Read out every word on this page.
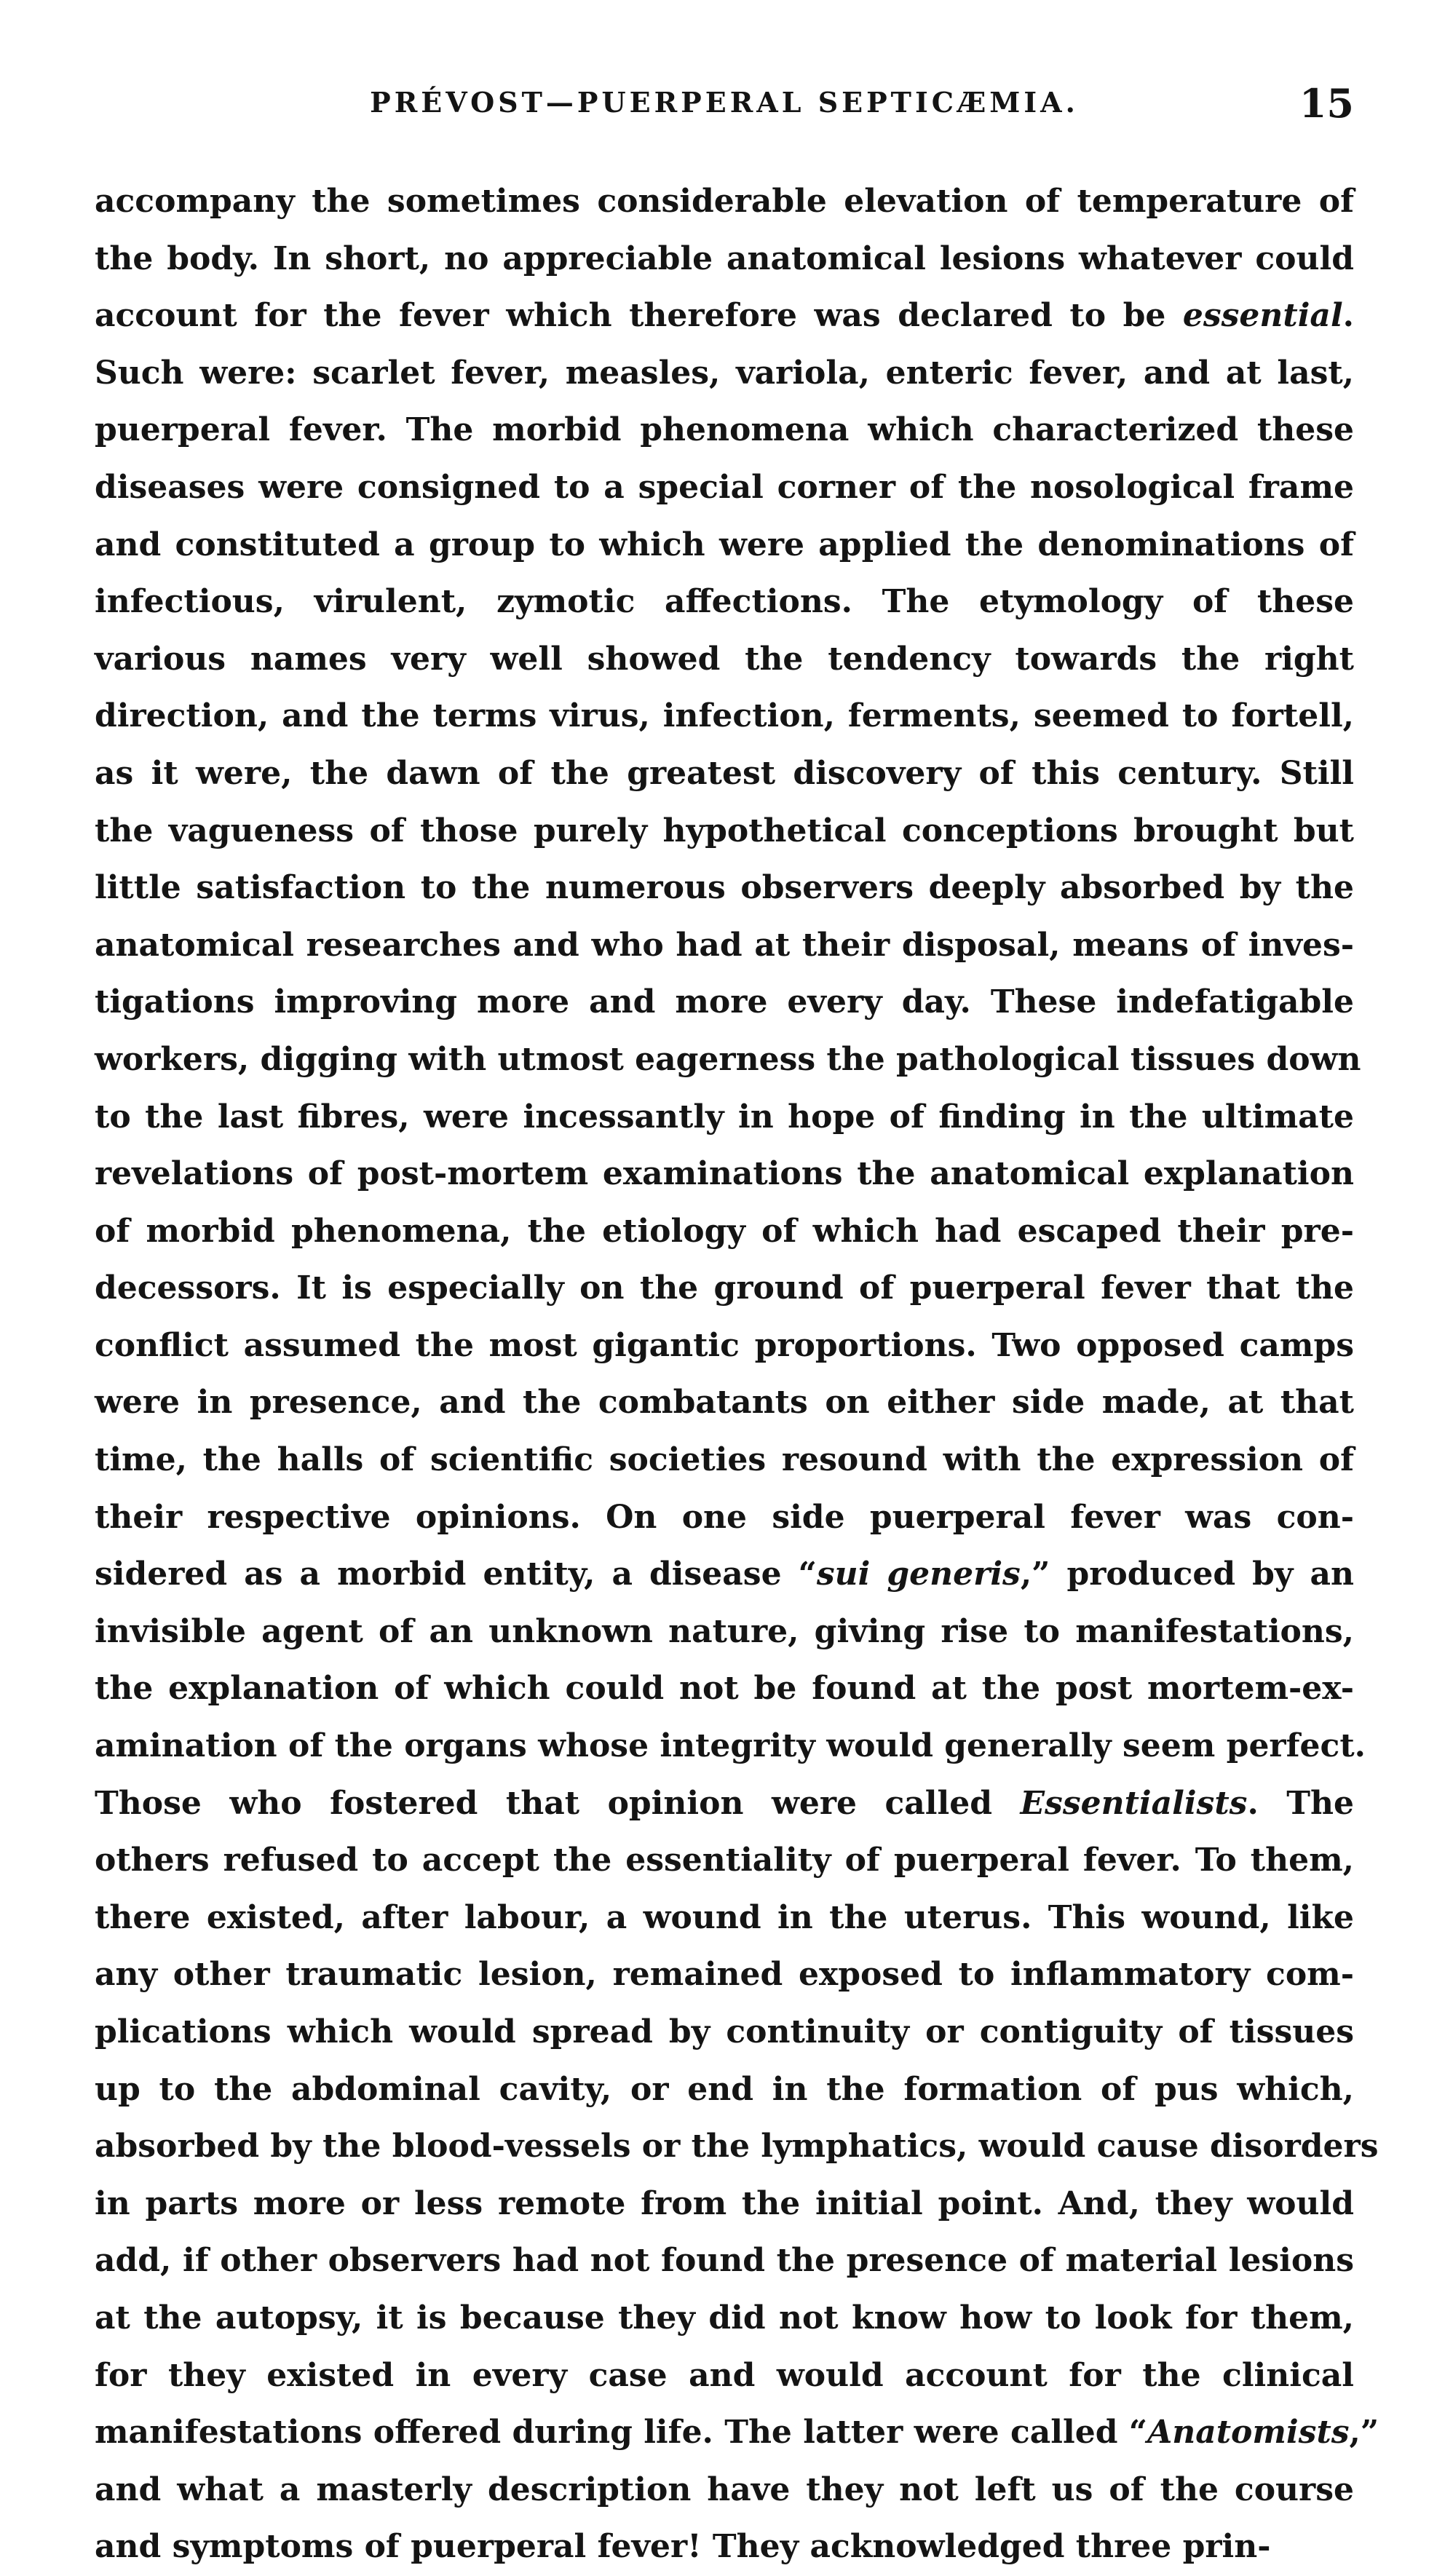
PRÉVOST—PUERPERAL SEPTICÆMIA.	15
accompany the sometimes considerable elevation of temperature of
the body. In short, no appreciable anatomical lesions whatever could
account for the fever which therefore was declared to be essential.
Such were: scarlet fever, measles, variola, enteric fever, and at last,
puerperal fever. The morbid phenomena which characterized these
diseases were consigned to a special corner of the nosological frame
and constituted a group to which were applied the denominations of
infectious, virulent, zymotic affections. The etymology of these
various names very well showed the tendency towards the right
direction, and the terms virus, infection, ferments, seemed to fortell,
as it were, the dawn of the greatest discovery of this century. Still
the vagueness of those purely hypothetical conceptions brought but
little satisfaction to the numerous observers deeply absorbed by the
anatomical researches and who had at their disposal, means of inves-
tigations improving more and more every day. These indefatigable
workers, digging with utmost eagerness the pathological tissues down
to the last fibres, were incessantly in hope of finding in the ultimate
revelations of post-mortem examinations the anatomical explanation
of morbid phenomena, the etiology of which had escaped their pre-
decessors. It is especially on the ground of puerperal fever that the
conflict assumed the most gigantic proportions. Two opposed camps
were in presence, and the combatants on either side made, at that
time, the halls of scientific societies resound with the expression of
their respective opinions. On one side puerperal fever was con-
sidered as a morbid entity, a disease “sui generis,” produced by an
invisible agent of an unknown nature, giving rise to manifestations,
the explanation of which could not be found at the post mortem-ex-
amination of the organs whose integrity would generally seem perfect.
Those who fostered that opinion were called Essentialists. The
others refused to accept the essentiality of puerperal fever. To them,
there existed, after labour, a wound in the uterus. This wound, like
any other traumatic lesion, remained exposed to inflammatory com-
plications which would spread by continuity or contiguity of tissues
up to the abdominal cavity, or end in the formation of pus which,
absorbed by the blood-vessels or the lymphatics, would cause disorders
in parts more or less remote from the initial point. And, they would
add, if other observers had not found the presence of material lesions
at the autopsy, it is because they did not know how to look for them,
for they existed in every case and would account for the clinical
manifestations offered during life. The latter were called “Anatomists,”
and what a masterly description have they not left us of the course
and symptoms of puerperal fever! They acknowledged three prin-
